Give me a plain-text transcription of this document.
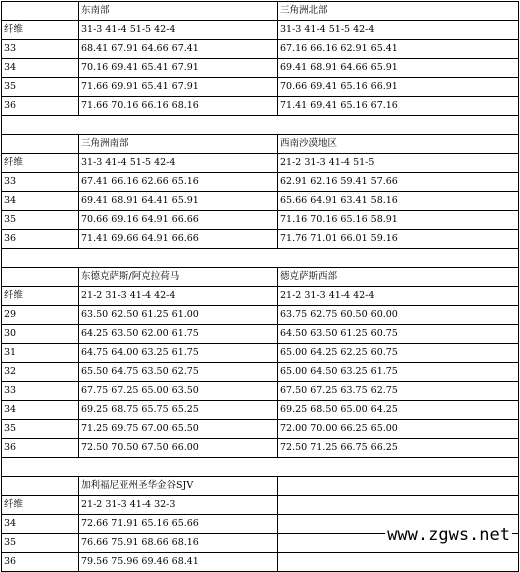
	东南部	三角洲北部
纤维	31-3 41-4 51-5 42-4	31-3 41-4 51-5 42-4
33	68.41 67.91 64.66 67.41	67.16 66.16 62.91 65.41
34	70.16 69.41 65.41 67.91	69.41 68.91 64.66 65.91
35	71.66 69.91 65.41 67.91	70.66 69.41 65.16 66.91
36	71.66 70.16 66.16 68.16	71.41 69.41 65.16 67.16

	三角洲南部	西南沙漠地区
纤维	31-3 41-4 51-5 42-4	21-2 31-3 41-4 51-5
33	67.41 66.16 62.66 65.16	62.91 62.16 59.41 57.66
34	69.41 68.91 64.41 65.91	65.66 64.91 63.41 58.16
35	70.66 69.16 64.91 66.66	71.16 70.16 65.16 58.91
36	71.41 69.66 64.91 66.66	71.76 71.01 66.01 59.16

	东德克萨斯/阿克拉荷马	德克萨斯西部
纤维	21-2 31-3 41-4 42-4	21-2 31-3 41-4 42-4
29	63.50 62.50 61.25 61.00	63.75 62.75 60.50 60.00
30	64.25 63.50 62.00 61.75	64.50 63.50 61.25 60.75
31	64.75 64.00 63.25 61.75	65.00 64.25 62.25 60.75
32	65.50 64.75 63.50 62.75	65.00 64.50 63.25 61.75
33	67.75 67.25 65.00 63.50	67.50 67.25 63.75 62.75
34	69.25 68.75 65.75 65.25	69.25 68.50 65.00 64.25
35	71.25 69.75 67.00 65.50	72.00 70.00 66.25 65.00
36	72.50 70.50 67.50 66.00	72.50 71.25 66.75 66.25

	加利福尼亚州圣华金谷SJV	
纤维	21-2 31-3 41-4 32-3	
34	72.66 71.91 65.16 65.66	
35	76.66 75.91 68.66 68.16	
36	79.56 75.96 69.46 68.41	
www.zgws.net
